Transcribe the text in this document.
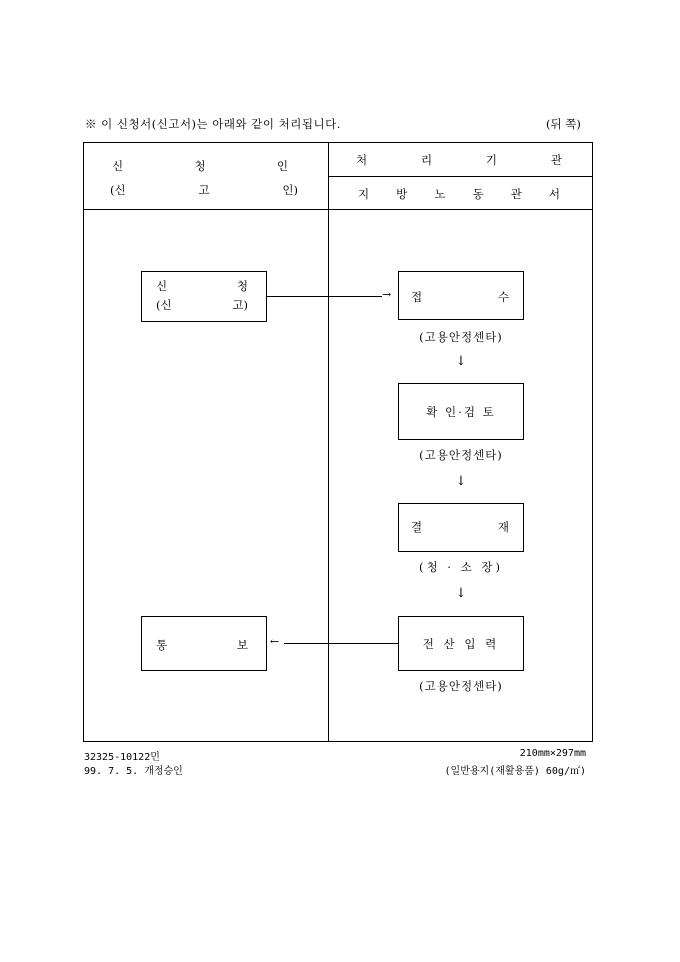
※ 이 신청서(신고서)는 아래와 같이 처리됩니다.	(뒤 쪽)
신	청	인
(신	고	인)
처	리	기	관
지 방 노 동 관 서
신	청
(신	고)
→ 접	수
(고용안정센타)
↓
확 인·검 토
(고용안정센타)
↓
결	재
(청 · 소 장)
↓
전 산 입 력
(고용안정센타)
←
통	보
32325-10122민
99. 7. 5. 개정승인
210mm×297mm
(일반용지(재활용품) 60g/㎡)
